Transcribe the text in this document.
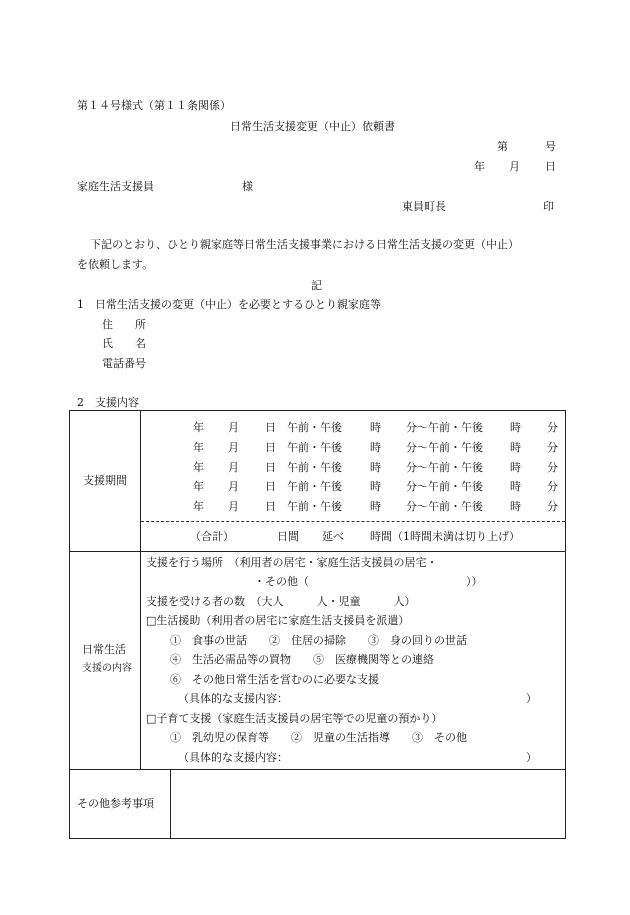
第１４号様式（第１１条関係）
日常生活支援変更（中止）依頼書
第	号
年 月 日
家庭生活支援員	様
東員町長	印
下記のとおり、ひとり親家庭等日常生活支援事業における日常生活支援の変更（中止）
を依頼します。
記
1　日常生活支援の変更（中止）を必要とするひとり親家庭等
住　　所
氏　　名
電話番号
2　支援内容
支援期間
年 月 日 午前・午後	時 分～午前・午後 時 分
年 月 日 午前・午後	時 分～午前・午後 時 分
年 月 日 午前・午後	時 分～午前・午後 時 分
年 月 日 午前・午後	時 分～午前・午後 時 分
年 月 日 午前・午後	時 分～午前・午後 時 分
（合計）	日間 延べ 時間（1時間未満は切り上げ）
日常生活
支援の内容
支援を行う場所　（利用者の居宅・家庭生活支援員の居宅・
・その他（	））
支援を受ける者の数　（大人　　　人・児童　　　人）
□生活援助（利用者の居宅に家庭生活支援員を派遣）
①　食事の世話　　②　住居の掃除　　③　身の回りの世話
④　生活必需品等の買物　　⑤　医療機関等との連絡
⑥　その他日常生活を営むのに必要な支援
（具体的な支援内容：	）
□子育て支援（家庭生活支援員の居宅等での児童の預かり）
①　乳幼児の保育等　　②　児童の生活指導　　③　その他
（具体的な支援内容：	）
その他参考事項
